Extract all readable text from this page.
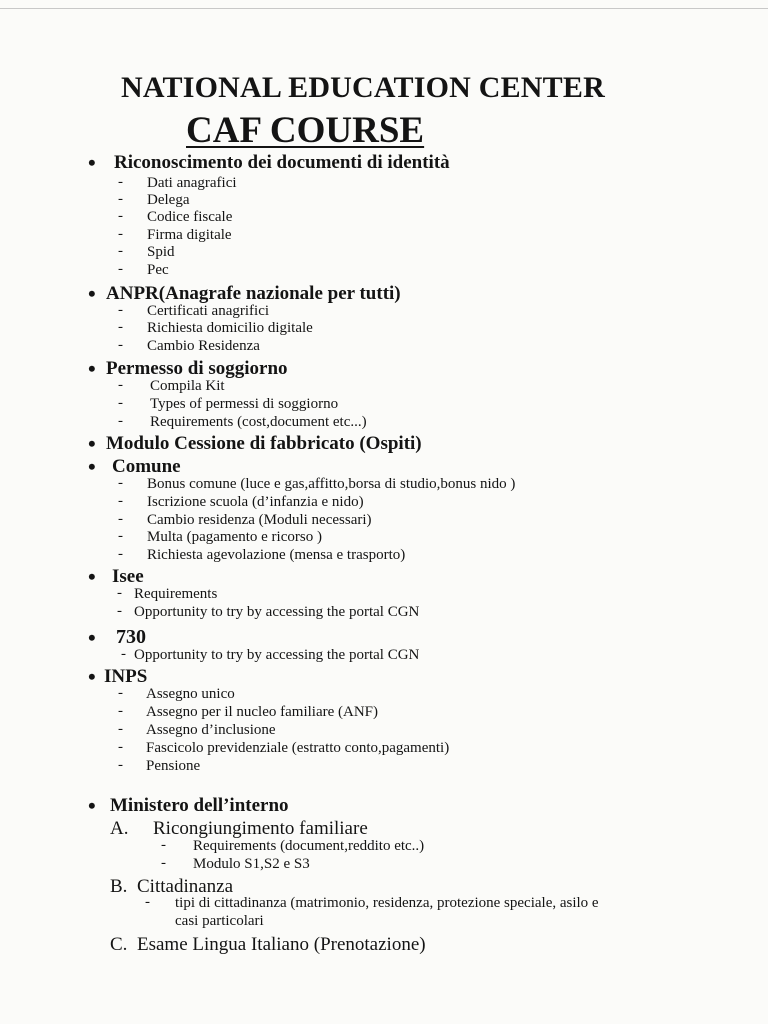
NATIONAL EDUCATION CENTER
CAF COURSE
• Riconoscimento dei documenti di identità
- Dati anagrafici
- Delega
- Codice fiscale
- Firma digitale
- Spid
- Pec
• ANPR(Anagrafe nazionale per tutti)
- Certificati anagrifici
- Richiesta domicilio digitale
- Cambio Residenza
• Permesso di soggiorno
- Compila Kit
- Types of permessi di soggiorno
- Requirements (cost,document etc...)
• Modulo Cessione di fabbricato (Ospiti)
• Comune
- Bonus comune (luce e gas,affitto,borsa di studio,bonus nido )
- Iscrizione scuola (d’infanzia e nido)
- Cambio residenza (Moduli necessari)
- Multa (pagamento e ricorso )
- Richiesta agevolazione (mensa e trasporto)
• Isee
- Requirements
- Opportunity to try by accessing the portal CGN
• 730
- Opportunity to try by accessing the portal CGN
• INPS
- Assegno unico
- Assegno per il nucleo familiare (ANF)
- Assegno d’inclusione
- Fascicolo previdenziale (estratto conto,pagamenti)
- Pensione
• Ministero dell’interno
A. Ricongiungimento familiare
- Requirements (document,reddito etc..)
- Modulo S1,S2 e S3
B. Cittadinanza
- tipi di cittadinanza (matrimonio, residenza, protezione speciale, asilo e
casi particolari
C. Esame Lingua Italiano (Prenotazione)
